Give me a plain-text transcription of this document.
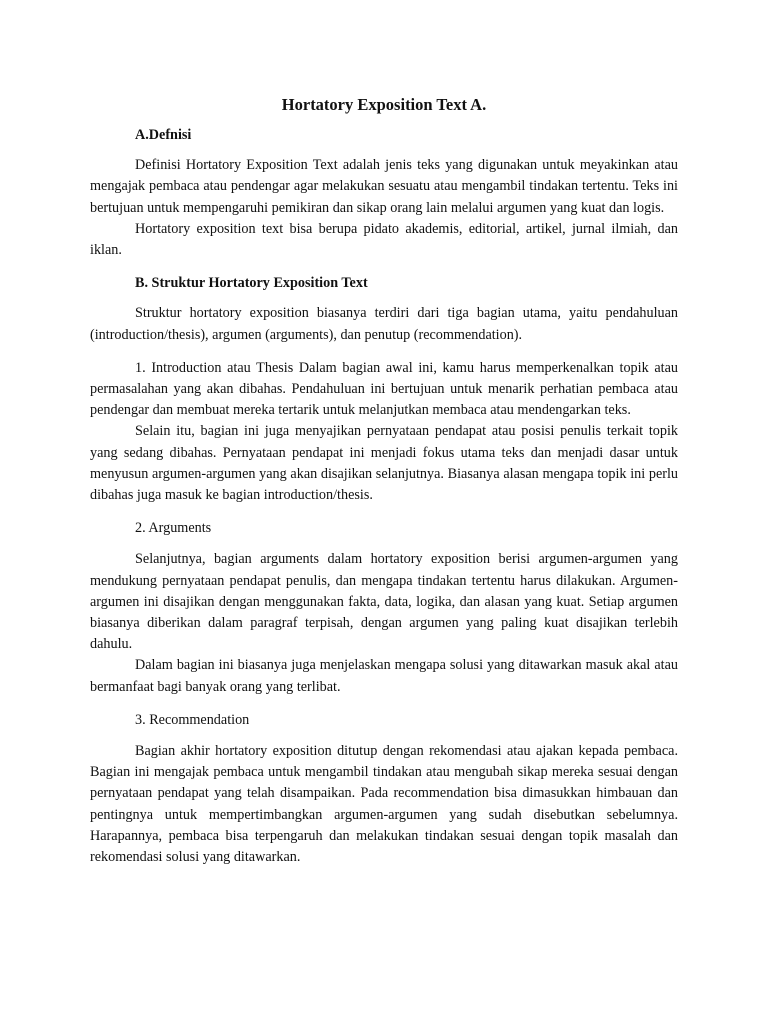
Hortatory Exposition Text A.
A.Defnisi

Definisi Hortatory Exposition Text adalah jenis teks yang digunakan untuk meyakinkan atau mengajak pembaca atau pendengar agar melakukan sesuatu atau mengambil tindakan tertentu. Teks ini bertujuan untuk mempengaruhi pemikiran dan sikap orang lain melalui argumen yang kuat dan logis.

Hortatory exposition text bisa berupa pidato akademis, editorial, artikel, jurnal ilmiah, dan iklan.

B. Struktur Hortatory Exposition Text

Struktur hortatory exposition biasanya terdiri dari tiga bagian utama, yaitu pendahuluan (introduction/thesis), argumen (arguments), dan penutup (recommendation).

1. Introduction atau Thesis Dalam bagian awal ini, kamu harus memperkenalkan topik atau permasalahan yang akan dibahas. Pendahuluan ini bertujuan untuk menarik perhatian pembaca atau pendengar dan membuat mereka tertarik untuk melanjutkan membaca atau mendengarkan teks.

Selain itu, bagian ini juga menyajikan pernyataan pendapat atau posisi penulis terkait topik yang sedang dibahas. Pernyataan pendapat ini menjadi fokus utama teks dan menjadi dasar untuk menyusun argumen-argumen yang akan disajikan selanjutnya. Biasanya alasan mengapa topik ini perlu dibahas juga masuk ke bagian introduction/thesis.

2. Arguments

Selanjutnya, bagian arguments dalam hortatory exposition berisi argumen-argumen yang mendukung pernyataan pendapat penulis, dan mengapa tindakan tertentu harus dilakukan. Argumen-argumen ini disajikan dengan menggunakan fakta, data, logika, dan alasan yang kuat. Setiap argumen biasanya diberikan dalam paragraf terpisah, dengan argumen yang paling kuat disajikan terlebih dahulu.

Dalam bagian ini biasanya juga menjelaskan mengapa solusi yang ditawarkan masuk akal atau bermanfaat bagi banyak orang yang terlibat.

3. Recommendation

Bagian akhir hortatory exposition ditutup dengan rekomendasi atau ajakan kepada pembaca. Bagian ini mengajak pembaca untuk mengambil tindakan atau mengubah sikap mereka sesuai dengan pernyataan pendapat yang telah disampaikan. Pada recommendation bisa dimasukkan himbauan dan pentingnya untuk mempertimbangkan argumen-argumen yang sudah disebutkan sebelumnya. Harapannya, pembaca bisa terpengaruh dan melakukan tindakan sesuai dengan topik masalah dan rekomendasi solusi yang ditawarkan.
